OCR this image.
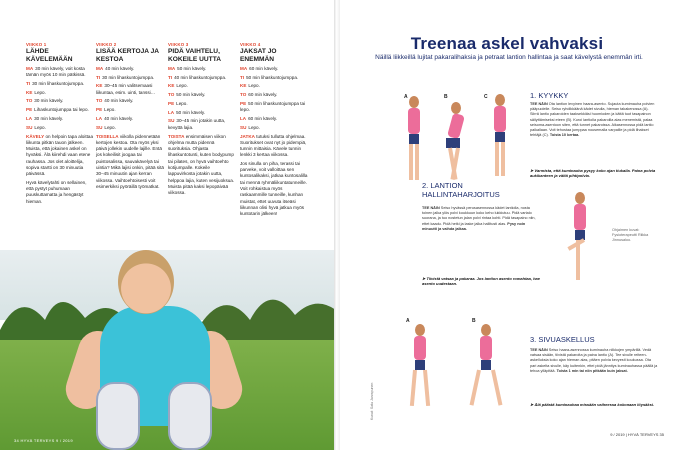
VIIKKO 1
LÄHDE KÄVELEMÄÄN
MA 30 min kävely, voit kosta tämän myös 10 min pätkissä.
TI 30 min lihaskuntojumppa.
KE Lepo.
TO 30 min kävely.
PE Lihaskuntojumppa tai lepo.
LA 30 min kävely.
SU Lepo.
KÄVELY on helpoin tapa aloittaa liikunta pitkän tauon jälkeen. Muista, että jokainen askel on hyväksi. Älä kiirehdi vaan etene rauhassa. Jos olet aloittelija, sopiva startti on 30 minuutia päivässä.
Hyvä kävelytahti on sellainen, että pystyt puhumaan puuskuttamatta ja hengästyt hieman.
VIIKKO 2
LISÄÄ KERTOJA JA KESTOA
MA 40 min kävely.
TI 30 min lihaskuntojumppa.
KE 30–45 min valitsemaasi liikuntaa, esim. uinti, tanssi…
TO 40 min kävely.
PE Lepo.
LA 40 min kävely.
SU Lepo.
TOISELLA viikolla pidennetään kertojen kestoa. Ota myös yksi päivä jollekin uudelle lajille. Entä jos kokeilisit joogaa tai puistosalissa, sauvakävelyä tai uintia? Mikä lajisi onkin, pitää sitä 30–45 minuutin ajan kerran viikossa. Vaihtoehtoisesti voit esimerkiksi pyöräillä työmatkat.
VIIKKO 3
PIDÄ VAIHTELU, KOKEILE UUTTA
MA 50 min kävely.
TI 40 min lihaskuntojumppa.
KE Lepo.
TO 50 min kävely.
PE Lepo.
LA 50 min kävely.
SU 30–45 min jotakin uutta, kevyttä lajia.
TOISTA ensimmäisen viikon ohjelma mutta pidennä suorituksia. Ohjasta lihaskuntotunti, kuten bodypump tai pilates, on hyvä vaihtoehto kotijumpalle. Kokeile lappuvirkosta jotakin uutta, helppoa lajia, kuten vesijuoksua. Muista pitää kaksi lepopäivää viikossa.
VIIKKO 4
JAKSAT JO ENEMMÄN
MA 60 min kävely.
TI 50 min lihaskuntojumppa.
KE Lepo.
TO 60 min kävely.
PE 50 min lihaskuntojumppa tai lepo.
LA 60 min kävely.
SU Lepo.
JATKA tutuksi tullutta ohjelmaa. Suoritukset ovat nyt jo pidempiä, tunnin mittaisia. Kävele tunnin lenkki 3 kertaa viikossa.
Jos sinulla on piha, terassi tai parveke, voit valloittaa sen kuntosalikaksi, jatkaa kuntosalilla tai mennä ryhmäliikuntatunneille. Voit rohkaistua myös raskaammille tunneille, kunhan muistat, ettet uuvuta itseäsi liikunnan olisi hyvä jatkua myös kuntotarin jälkeen!
34 HYVÄ TERVEYS 9 / 2019
Treenaa askel vahvaksi
Näillä liikkeillä lujitat pakaralihaksia ja petraat lantion hallintaa ja saat kävelystä enemmän irti.
A	B	C	1. KYYKKY
TEE NÄIN Ota lantion levyinen haara-asento. Sujauta kumimauha polvien pääpuolelle. Seiso ryhdikkäänä kädet sivulla, hieman takakenossa (A). Siirrä lantio pakaroiden taaksekkiäsi huomioden ja kättä tuot tasapainon säilyttämiseksi eteen (B). Kuroi lantiolla pakaroilla alas menemistä, palaa seisoma-asentoon siten, että tunnet pakaroissa. Aikasennossa pidä lantio paikallaan. Voit tehostaa jumppaa nousemalla varpaille ja pidä lihakset tehtäjä (C). Toista 10 kertaa.
➤ Varmista, että kuminauha pysyy koko ajan tiukalla. Paina polvia aukikanteen ja vältä pihtipolvia.
2. LANTION HALLINTAHARJOITUS
TEE NÄIN Seiso hyvässä perusasennossa kädet lantiolla, nosta toinen jalka ylös polvi koukkuun koko keho lukkiutuu. Pidä vartalo suorana, ja tuo nostetun jalan polvi rintaa kohti. Pidä tasapaino niin, ettet kaadu. Pidä hetki ja laske jalka hallitusti alas. Pysy noin minuutti ja vaihda jalkaa.
➤ Tiivistä vatsaa ja pakaraa. Jos lantion asento romahtaa, hae asento uudestaan.
Ohjaimen kuvat: Fysioterapeutti Riikka Jinnusaloo.
A	B
3. SIVUASKELLUS
TEE NÄIN Seiso haara-asennossa kuminauha nilkkojen ympärillä. Vedä vatsaa sisään, tiivistä pakaroita ja paina lantio (A). Tee sivulle reiteen-askelluksia koko ajan hieman alas, pitäen polvia kevyesti koukussa. Ota pari askelta sivulle, käy kuitenkin, ettei pidä jännitys kuminauhassa päällä ja tehoa ylläpitää. Toista 1 min tai niin pitkään kuin jaksat.
➤ Älä päästä kuminauhaa missään vaiheessa kokonaan löysäksi.
Kuvat: Satu Jarvapunen
9 / 2019 | HYVÄ TERVEYS 35
